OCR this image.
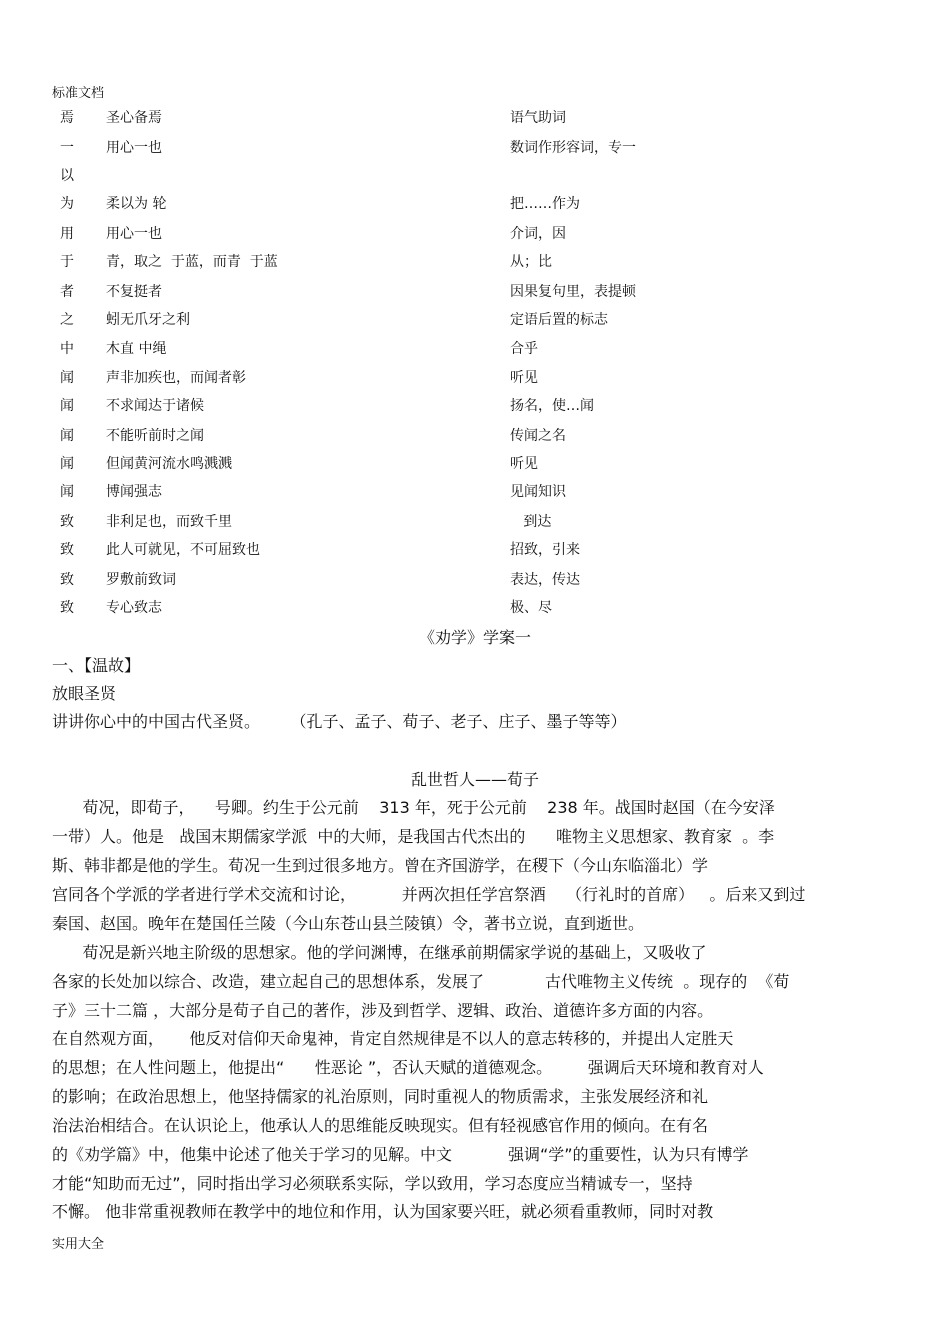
标准文档
焉 圣心备焉	语气助词
一 用心一也	数词作形容词，专一
以
为 柔以为 轮	把……作为
用 用心一也	介词，因
于 青，取之  于蓝，而青  于蓝	从；比
者 不复挺者	因果复句里，表提顿
之 蚓无爪牙之利	定语后置的标志
中 木直 中绳	合乎
闻 声非加疾也，而闻者彰	听见
闻 不求闻达于诸候	扬名，使…闻
闻 不能听前时之闻	传闻之名
闻 但闻黄河流水鸣溅溅	听见
闻 博闻强志	见闻知识
致 非利足也，而致千里	到达
致 此人可就见，不可屈致也	招致，引来
致 罗敷前致词	表达，传达
致 专心致志	极、尽
《劝学》学案一
一、【温故】
放眼圣贤
讲讲你心中的中国古代圣贤。      （孔子、孟子、荀子、老子、庄子、墨子等等）
乱世哲人——荀子
荀况，即荀子，    号卿。约生于公元前    313 年，死于公元前    238 年。战国时赵国（在今安泽
一带）人。他是   战国末期儒家学派  中的大师，是我国古代杰出的      唯物主义思想家、教育家  。李
斯、韩非都是他的学生。荀况一生到过很多地方。曾在齐国游学，在稷下（今山东临淄北）学
宫同各个学派的学者进行学术交流和讨论，         并两次担任学宫祭酒    （行礼时的首席）   。后来又到过
秦国、赵国。晚年在楚国任兰陵（今山东苍山县兰陵镇）令，著书立说，直到逝世。
荀况是新兴地主阶级的思想家。他的学问渊博，在继承前期儒家学说的基础上，又吸收了
各家的长处加以综合、改造，建立起自己的思想体系，发展了            古代唯物主义传统  。现存的  《荀
子》三十二篇 ，大部分是荀子自己的著作，涉及到哲学、逻辑、政治、道德许多方面的内容。
在自然观方面，     他反对信仰天命鬼神，肯定自然规律是不以人的意志转移的，并提出人定胜天
的思想；在人性问题上，他提出“      性恶论 ”，否认天赋的道德观念。       强调后天环境和教育对人
的影响；在政治思想上，他坚持儒家的礼治原则，同时重视人的物质需求，主张发展经济和礼
治法治相结合。在认识论上，他承认人的思维能反映现实。但有轻视感官作用的倾向。在有名
的《劝学篇》中，他集中论述了他关于学习的见解。中文           强调“学”的重要性，认为只有博学
才能“知助而无过”，同时指出学习必须联系实际，学以致用，学习态度应当精诚专一，坚持
不懈。 他非常重视教师在教学中的地位和作用，认为国家要兴旺，就必须看重教师，同时对教
实用大全
